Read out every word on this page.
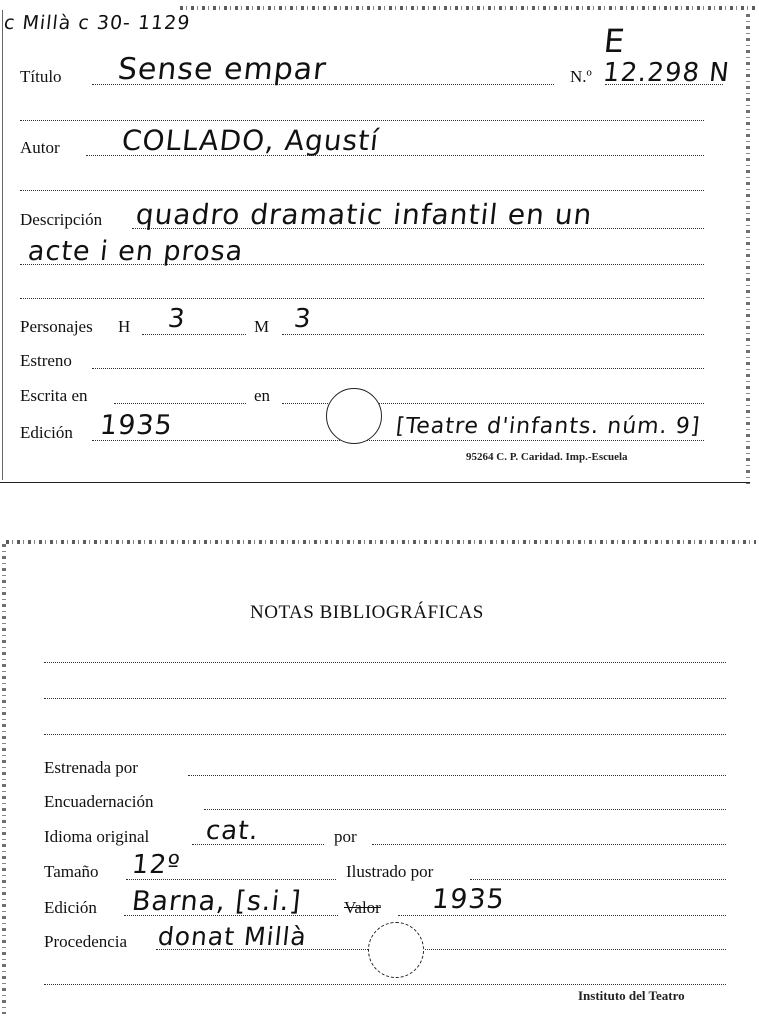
c Millà c 30- 1129	E
Título Sense empar	N.º 12.298 N
Autor COLLADO, Agustí
Descripción quadro dramatic infantil en un
acte i en prosa
Personajes H 3	M 3
Estreno
Escrita en	en
Edición 1935	[Teatre d'infants. núm. 9]
95264 C. P. Caridad. Imp.-Escuela
NOTAS BIBLIOGRÁFICAS
Estrenada por
Encuadernación
Idioma original cat.	por
Tamaño 12º	Ilustrado por
Edición Barna, [s.i.] Valor 1935
Procedencia donat Millà
Instituto del Teatro
